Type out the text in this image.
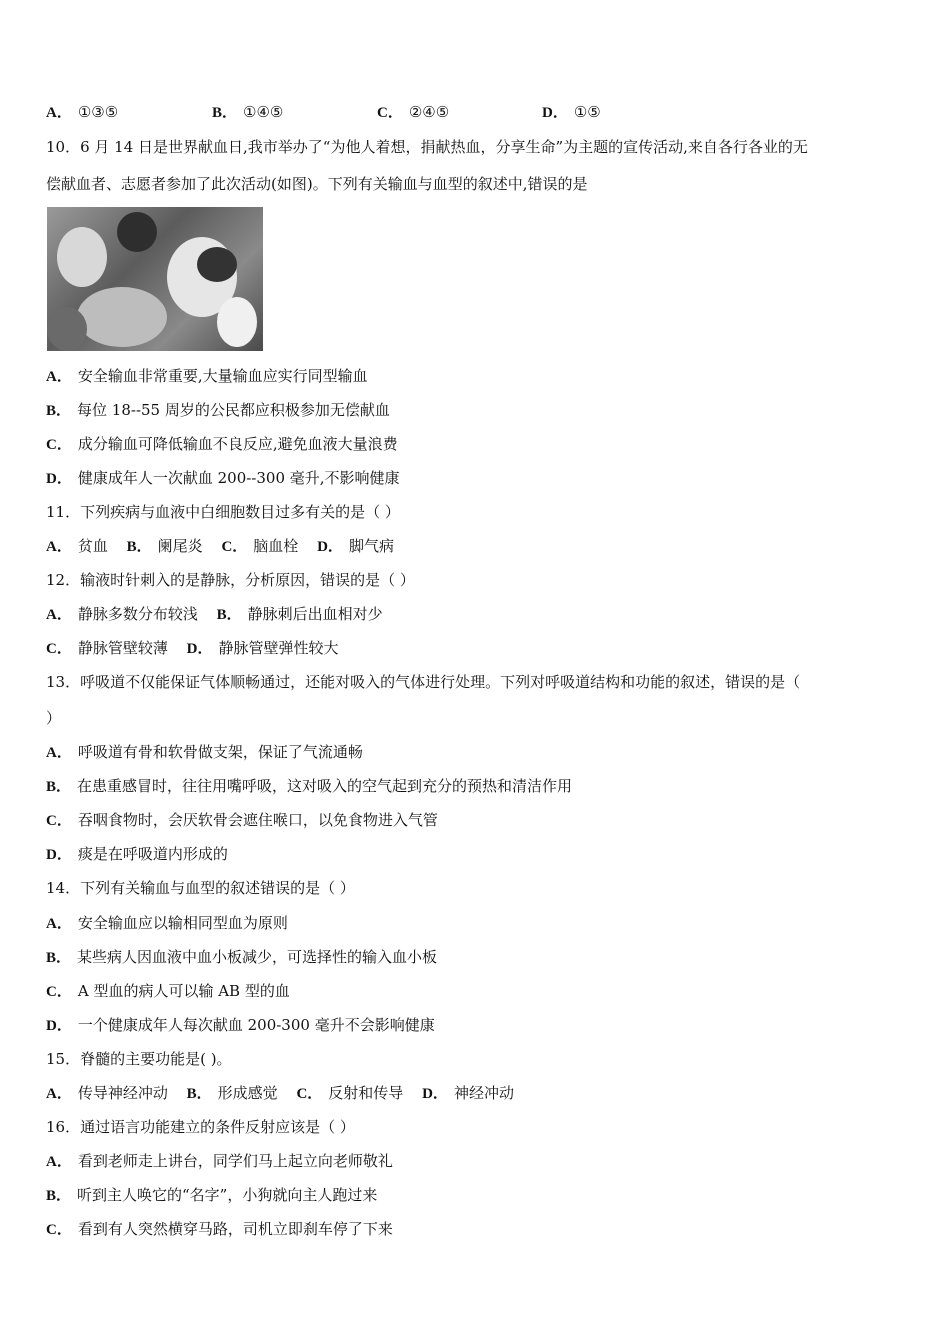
A． ①③⑤	B． ①④⑤	C． ②④⑤	D． ①⑤
10．6 月 14 日是世界献血日,我市举办了“为他人着想，捐献热血，分享生命”为主题的宣传活动,来自各行各业的无
偿献血者、志愿者参加了此次活动(如图)。下列有关输血与血型的叙述中,错误的是
A． 安全输血非常重要,大量输血应实行同型输血
B． 每位 18--55 周岁的公民都应积极参加无偿献血
C． 成分输血可降低输血不良反应,避免血液大量浪费
D． 健康成年人一次献血 200--300 毫升,不影响健康
11．下列疾病与血液中白细胞数目过多有关的是（ ）
A． 贫血 B． 阑尾炎 C． 脑血栓 D． 脚气病
12．输液时针刺入的是静脉，分析原因，错误的是（ ）
A． 静脉多数分布较浅 B． 静脉刺后出血相对少
C． 静脉管壁较薄 D． 静脉管壁弹性较大
13．呼吸道不仅能保证气体顺畅通过，还能对吸入的气体进行处理。下列对呼吸道结构和功能的叙述，错误的是（
）
A． 呼吸道有骨和软骨做支架，保证了气流通畅
B． 在患重感冒时，往往用嘴呼吸，这对吸入的空气起到充分的预热和清洁作用
C． 吞咽食物时，会厌软骨会遮住喉口，以免食物进入气管
D． 痰是在呼吸道内形成的
14．下列有关输血与血型的叙述错误的是（ ）
A． 安全输血应以输相同型血为原则
B． 某些病人因血液中血小板减少，可选择性的输入血小板
C． A 型血的病人可以输 AB 型的血
D． 一个健康成年人每次献血 200-300 毫升不会影响健康
15．脊髓的主要功能是( )。
A． 传导神经冲动 B． 形成感觉 C． 反射和传导 D． 神经冲动
16．通过语言功能建立的条件反射应该是（ ）
A． 看到老师走上讲台，同学们马上起立向老师敬礼
B． 听到主人唤它的“名字”，小狗就向主人跑过来
C． 看到有人突然横穿马路，司机立即刹车停了下来
